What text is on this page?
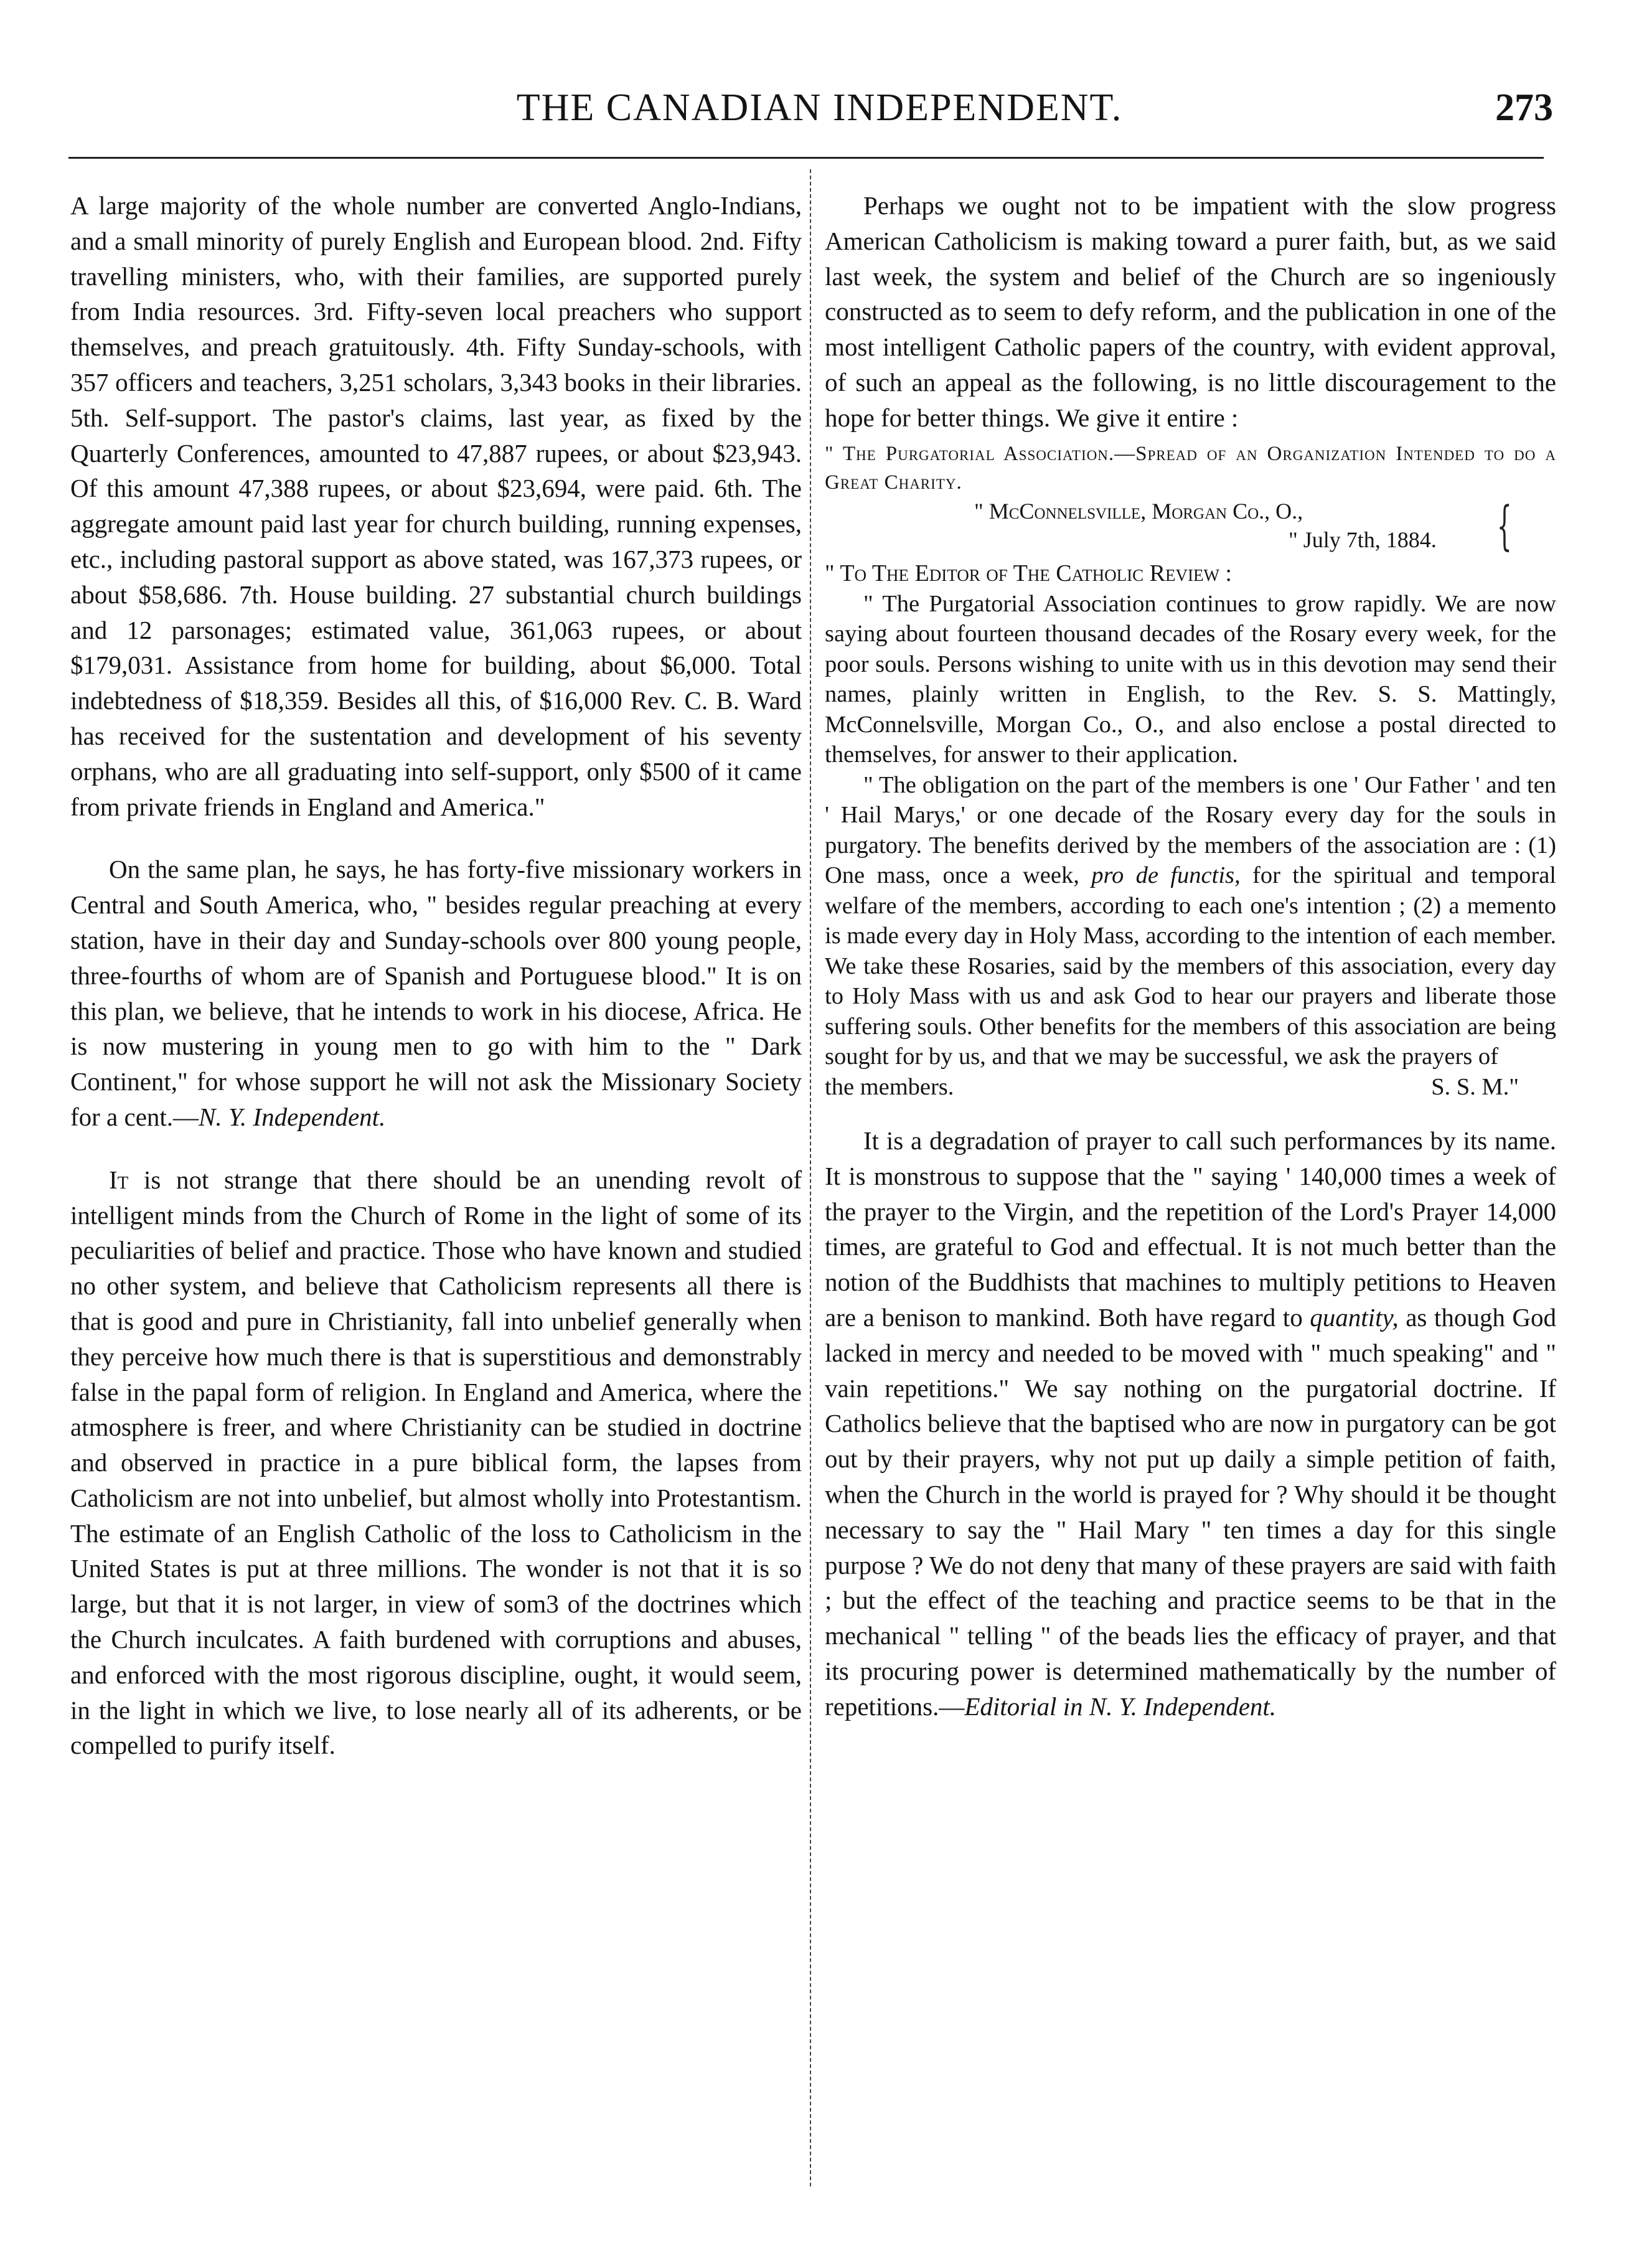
THE CANADIAN INDEPENDENT.	273

A large majority of the whole number are converted Anglo-Indians, and a small minority of purely English and European blood. 2nd. Fifty travelling ministers, who, with their families, are supported purely from India resources. 3rd. Fifty-seven local preachers who support themselves, and preach gratuitously. 4th. Fifty Sunday-schools, with 357 officers and teachers, 3,251 scholars, 3,343 books in their libraries. 5th. Self-support. The pastor's claims, last year, as fixed by the Quarterly Conferences, amounted to 47,887 rupees, or about $23,943. Of this amount 47,388 rupees, or about $23,694, were paid. 6th. The aggregate amount paid last year for church building, running expenses, etc., including pastoral support as above stated, was 167,373 rupees, or about $58,686. 7th. House building. 27 substantial church buildings and 12 parsonages; estimated value, 361,063 rupees, or about $179,031. Assistance from home for building, about $6,000. Total indebtedness of $18,359. Besides all this, of $16,000 Rev. C. B. Ward has received for the sustentation and development of his seventy orphans, who are all graduating into self-support, only $500 of it came from private friends in England and America."

On the same plan, he says, he has forty-five missionary workers in Central and South America, who, " besides regular preaching at every station, have in their day and Sunday-schools over 800 young people, three-fourths of whom are of Spanish and Portuguese blood." It is on this plan, we believe, that he intends to work in his diocese, Africa. He is now mustering in young men to go with him to the " Dark Continent," for whose support he will not ask the Missionary Society for a cent.—N. Y. Independent.

It is not strange that there should be an unending revolt of intelligent minds from the Church of Rome in the light of some of its peculiarities of belief and practice. Those who have known and studied no other system, and believe that Catholicism represents all there is that is good and pure in Christianity, fall into unbelief generally when they perceive how much there is that is superstitious and demonstrably false in the papal form of religion. In England and America, where the atmosphere is freer, and where Christianity can be studied in doctrine and observed in practice in a pure biblical form, the lapses from Catholicism are not into unbelief, but almost wholly into Protestantism. The estimate of an English Catholic of the loss to Catholicism in the United States is put at three millions. The wonder is not that it is so large, but that it is not larger, in view of som3 of the doctrines which the Church inculcates. A faith burdened with corruptions and abuses, and enforced with the most rigorous discipline, ought, it would seem, in the light in which we live, to lose nearly all of its adherents, or be compelled to purify itself.

Perhaps we ought not to be impatient with the slow progress American Catholicism is making toward a purer faith, but, as we said last week, the system and belief of the Church are so ingeniously constructed as to seem to defy reform, and the publication in one of the most intelligent Catholic papers of the country, with evident approval, of such an appeal as the following, is no little discouragement to the hope for better things. We give it entire :

" The Purgatorial Association.—Spread of an Organization Intended to do a Great Charity.
" McConnelsville, Morgan Co., O.,	{
" July 7th, 1884.
" To The Editor of The Catholic Review :

" The Purgatorial Association continues to grow rapidly. We are now saying about fourteen thousand decades of the Rosary every week, for the poor souls. Persons wishing to unite with us in this devotion may send their names, plainly written in English, to the Rev. S. S. Mattingly, McConnelsville, Morgan Co., O., and also enclose a postal directed to themselves, for answer to their application.

" The obligation on the part of the members is one ' Our Father ' and ten ' Hail Marys,' or one decade of the Rosary every day for the souls in purgatory. The benefits derived by the members of the association are : (1) One mass, once a week, pro de functis, for the spiritual and temporal welfare of the members, according to each one's intention ; (2) a memento is made every day in Holy Mass, according to the intention of each member. We take these Rosaries, said by the members of this association, every day to Holy Mass with us and ask God to hear our prayers and liberate those suffering souls. Other benefits for the members of this association are being sought for by us, and that we may be successful, we ask the prayers of

the members.	S. S. M."

It is a degradation of prayer to call such performances by its name. It is monstrous to suppose that the " saying ' 140,000 times a week of the prayer to the Virgin, and the repetition of the Lord's Prayer 14,000 times, are grateful to God and effectual. It is not much better than the notion of the Buddhists that machines to multiply petitions to Heaven are a benison to mankind. Both have regard to quantity, as though God lacked in mercy and needed to be moved with " much speaking" and " vain repetitions." We say nothing on the purgatorial doctrine. If Catholics believe that the baptised who are now in purgatory can be got out by their prayers, why not put up daily a simple petition of faith, when the Church in the world is prayed for ? Why should it be thought necessary to say the " Hail Mary " ten times a day for this single purpose ? We do not deny that many of these prayers are said with faith ; but the effect of the teaching and practice seems to be that in the mechanical " telling " of the beads lies the efficacy of prayer, and that its procuring power is determined mathematically by the number of repetitions.—Editorial in N. Y. Independent.
